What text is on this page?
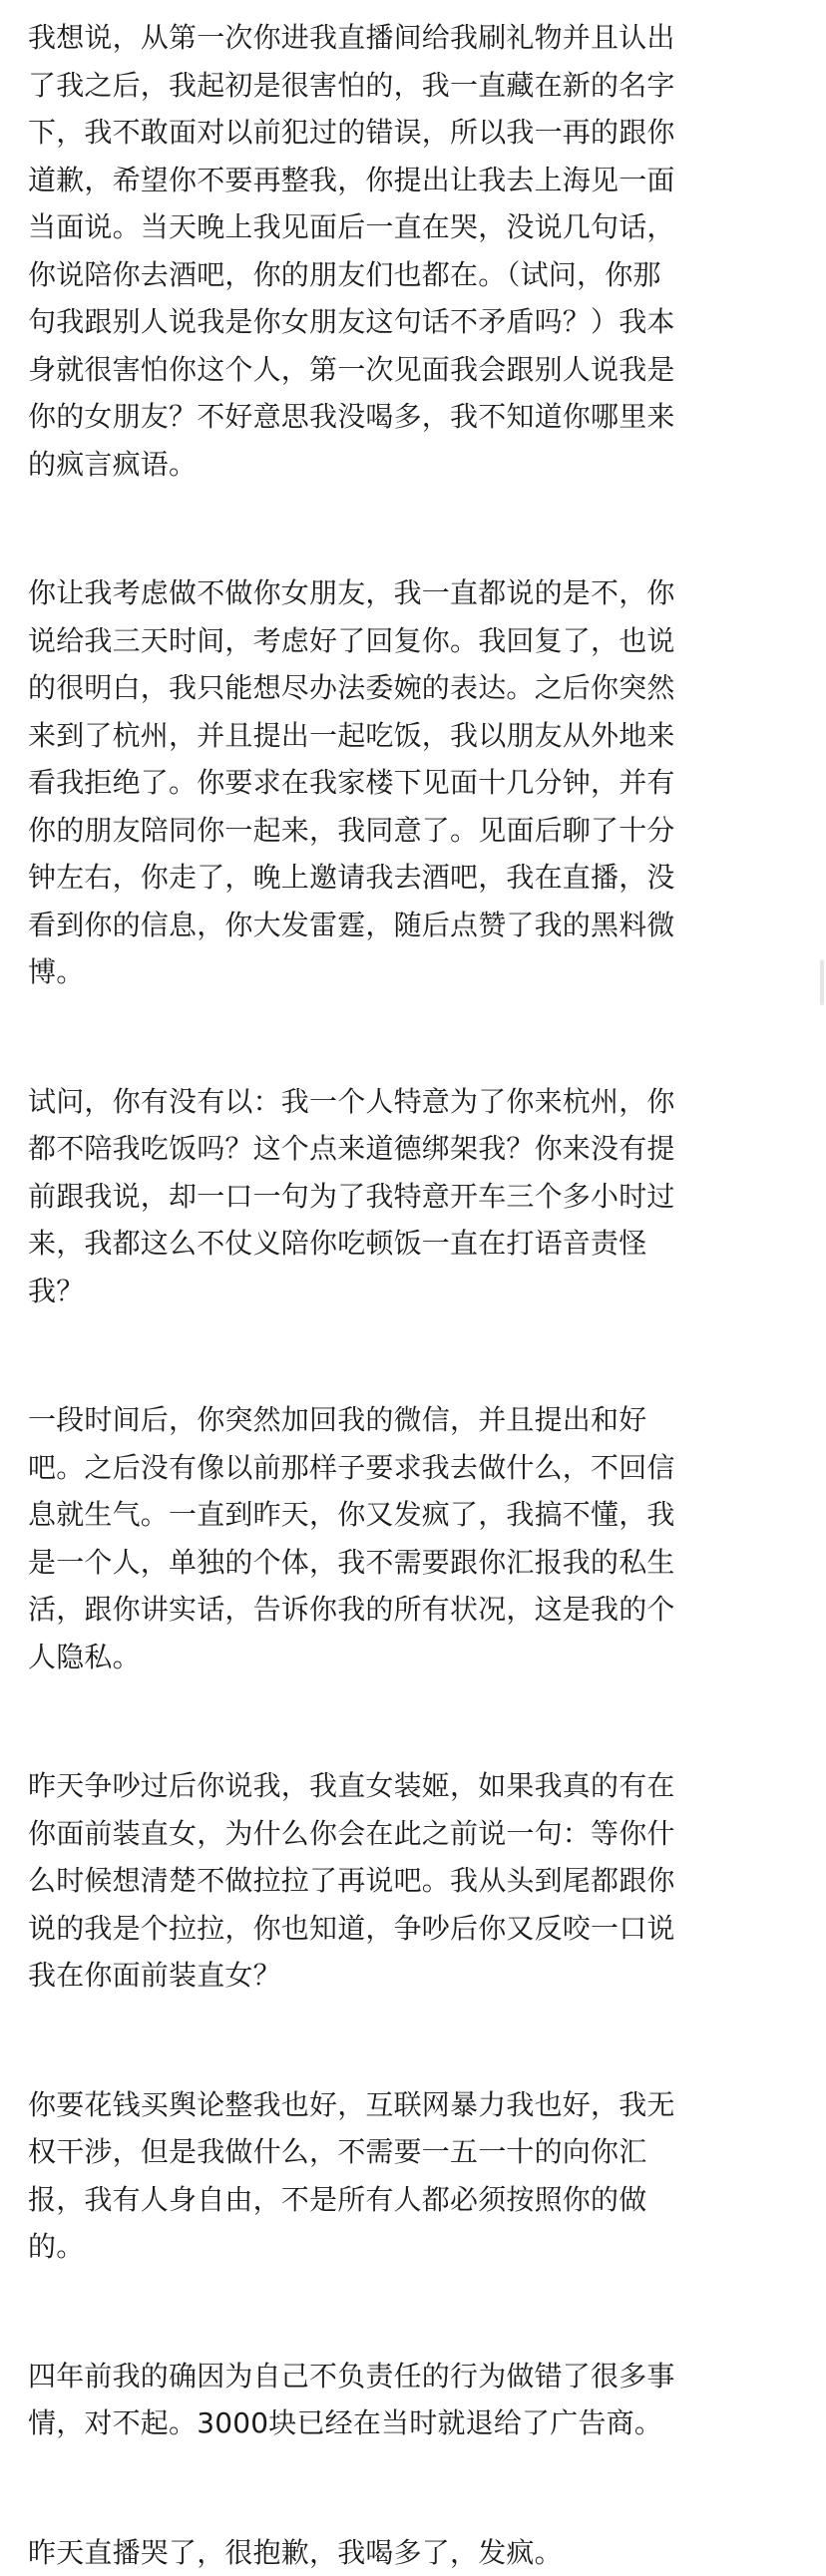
我想说，从第一次你进我直播间给我刷礼物并且认出
了我之后，我起初是很害怕的，我一直藏在新的名字
下，我不敢面对以前犯过的错误，所以我一再的跟你
道歉，希望你不要再整我，你提出让我去上海见一面
当面说。当天晚上我见面后一直在哭，没说几句话，
你说陪你去酒吧，你的朋友们也都在。（试问，你那
句我跟别人说我是你女朋友这句话不矛盾吗？）我本
身就很害怕你这个人，第一次见面我会跟别人说我是
你的女朋友？不好意思我没喝多，我不知道你哪里来
的疯言疯语。
你让我考虑做不做你女朋友，我一直都说的是不，你
说给我三天时间，考虑好了回复你。我回复了，也说
的很明白，我只能想尽办法委婉的表达。之后你突然
来到了杭州，并且提出一起吃饭，我以朋友从外地来
看我拒绝了。你要求在我家楼下见面十几分钟，并有
你的朋友陪同你一起来，我同意了。见面后聊了十分
钟左右，你走了，晚上邀请我去酒吧，我在直播，没
看到你的信息，你大发雷霆，随后点赞了我的黑料微
博。
试问，你有没有以：我一个人特意为了你来杭州，你
都不陪我吃饭吗？这个点来道德绑架我？你来没有提
前跟我说，却一口一句为了我特意开车三个多小时过
来，我都这么不仗义陪你吃顿饭一直在打语音责怪
我？
一段时间后，你突然加回我的微信，并且提出和好
吧。之后没有像以前那样子要求我去做什么，不回信
息就生气。一直到昨天，你又发疯了，我搞不懂，我
是一个人，单独的个体，我不需要跟你汇报我的私生
活，跟你讲实话，告诉你我的所有状况，这是我的个
人隐私。
昨天争吵过后你说我，我直女装姬，如果我真的有在
你面前装直女，为什么你会在此之前说一句：等你什
么时候想清楚不做拉拉了再说吧。我从头到尾都跟你
说的我是个拉拉，你也知道，争吵后你又反咬一口说
我在你面前装直女？
你要花钱买舆论整我也好，互联网暴力我也好，我无
权干涉，但是我做什么，不需要一五一十的向你汇
报，我有人身自由，不是所有人都必须按照你的做
的。
四年前我的确因为自己不负责任的行为做错了很多事
情，对不起。3000块已经在当时就退给了广告商。
昨天直播哭了，很抱歉，我喝多了，发疯。
